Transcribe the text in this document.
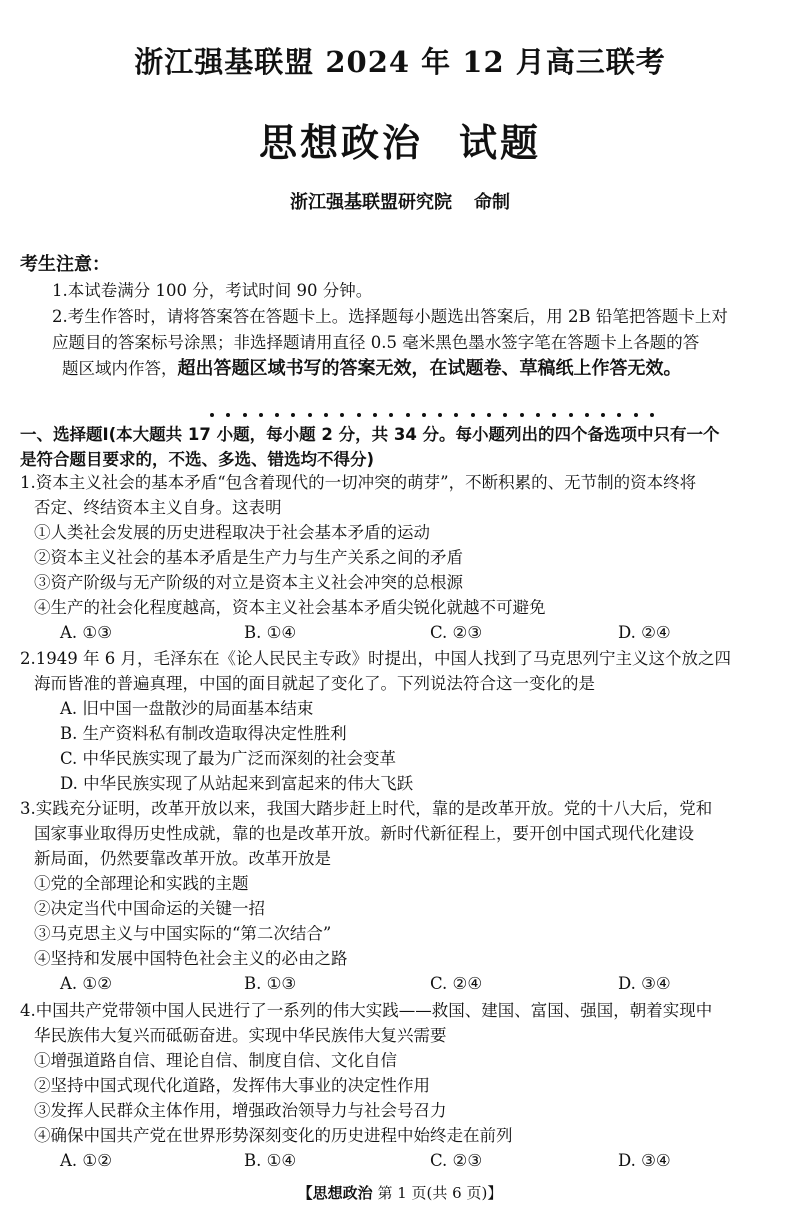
浙江强基联盟 2024 年 12 月高三联考
思想政治 试题
浙江强基联盟研究院 命制
考生注意：
1.本试卷满分 100 分，考试时间 90 分钟。
2.考生作答时，请将答案答在答题卡上。选择题每小题选出答案后，用 2B 铅笔把答题卡上对
应题目的答案标号涂黑；非选择题请用直径 0.5 毫米黑色墨水签字笔在答题卡上各题的答
题区域内作答，超出答题区域书写的答案无效，在试题卷、草稿纸上作答无效。
一、选择题Ⅰ(本大题共 17 小题，每小题 2 分，共 34 分。每小题列出的四个备选项中只有一个
是符合题目要求的，不选、多选、错选均不得分)
1.资本主义社会的基本矛盾“包含着现代的一切冲突的萌芽”，不断积累的、无节制的资本终将
否定、终结资本主义自身。这表明
①人类社会发展的历史进程取决于社会基本矛盾的运动
②资本主义社会的基本矛盾是生产力与生产关系之间的矛盾
③资产阶级与无产阶级的对立是资本主义社会冲突的总根源
④生产的社会化程度越高，资本主义社会基本矛盾尖锐化就越不可避免
A. ①③	B. ①④	C. ②③	D. ②④
2.1949 年 6 月，毛泽东在《论人民民主专政》时提出，中国人找到了马克思列宁主义这个放之四
海而皆准的普遍真理，中国的面目就起了变化了。下列说法符合这一变化的是
A. 旧中国一盘散沙的局面基本结束
B. 生产资料私有制改造取得决定性胜利
C. 中华民族实现了最为广泛而深刻的社会变革
D. 中华民族实现了从站起来到富起来的伟大飞跃
3.实践充分证明，改革开放以来，我国大踏步赶上时代，靠的是改革开放。党的十八大后，党和
国家事业取得历史性成就，靠的也是改革开放。新时代新征程上，要开创中国式现代化建设
新局面，仍然要靠改革开放。改革开放是
①党的全部理论和实践的主题
②决定当代中国命运的关键一招
③马克思主义与中国实际的“第二次结合”
④坚持和发展中国特色社会主义的必由之路
A. ①②	B. ①③	C. ②④	D. ③④
4.中国共产党带领中国人民进行了一系列的伟大实践——救国、建国、富国、强国，朝着实现中
华民族伟大复兴而砥砺奋进。实现中华民族伟大复兴需要
①增强道路自信、理论自信、制度自信、文化自信
②坚持中国式现代化道路，发挥伟大事业的决定性作用
③发挥人民群众主体作用，增强政治领导力与社会号召力
④确保中国共产党在世界形势深刻变化的历史进程中始终走在前列
A. ①②	B. ①④	C. ②③	D. ③④
【思想政治 第 1 页(共 6 页)】
